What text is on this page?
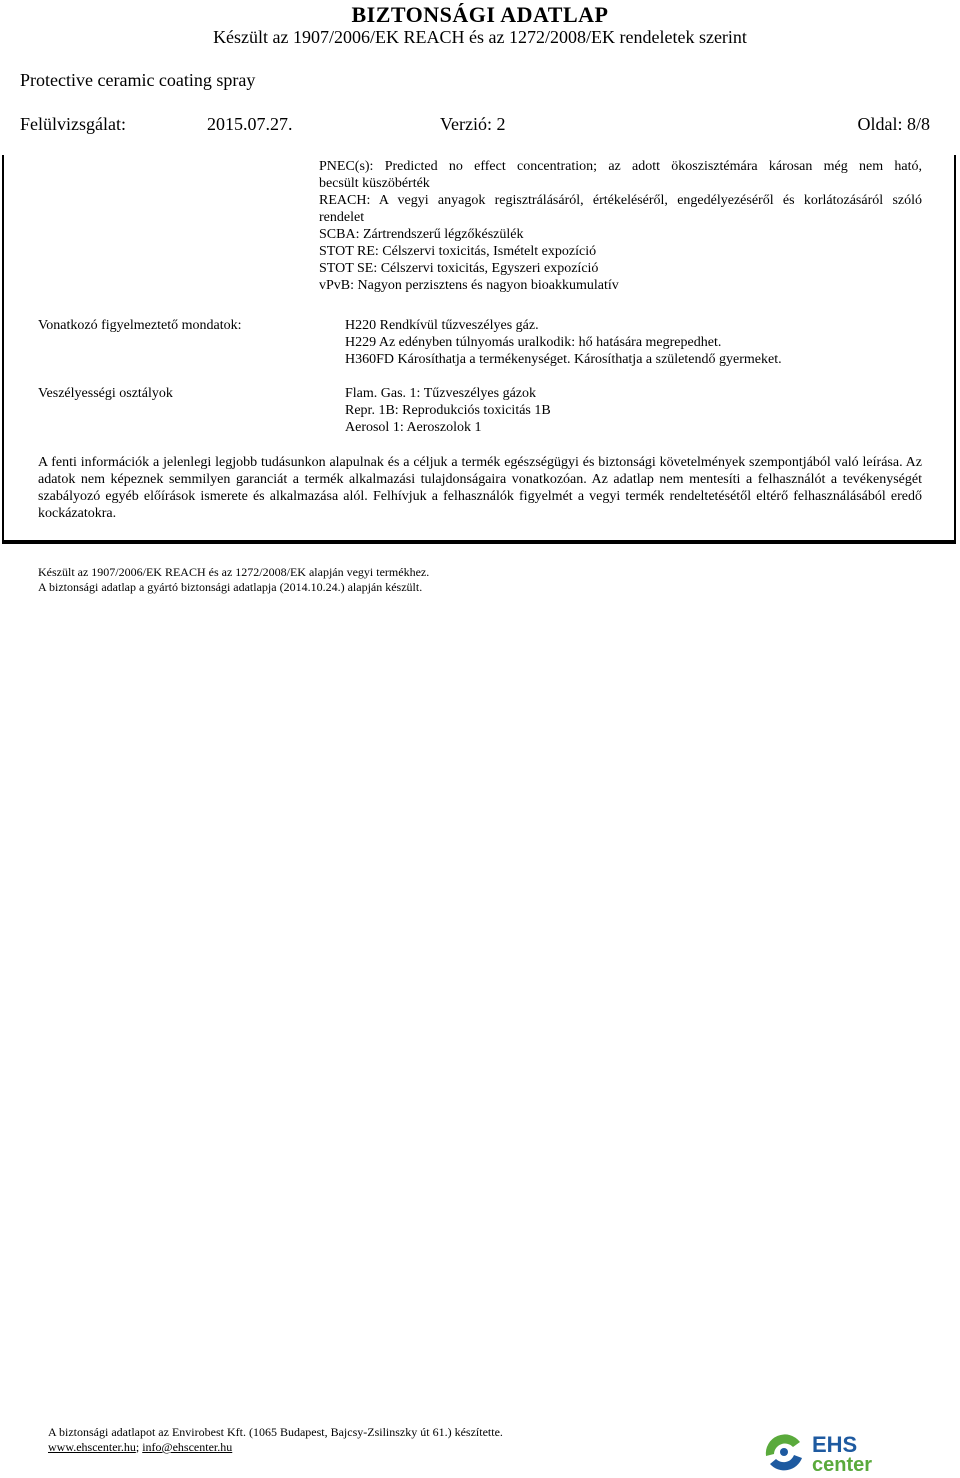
BIZTONSÁGI ADATLAP
Készült az 1907/2006/EK REACH és az 1272/2008/EK rendeletek szerint
Protective ceramic coating spray
Felülvizsgálat:	2015.07.27.	Verzió: 2	Oldal: 8/8
PNEC(s): Predicted no effect concentration; az adott ökoszisztémára károsan még nem ható,
becsült küszöbérték
REACH: A vegyi anyagok regisztrálásáról, értékeléséről, engedélyezéséről és korlátozásáról szóló
rendelet
SCBA: Zártrendszerű légzőkészülék
STOT RE: Célszervi toxicitás, Ismételt expozíció
STOT SE: Célszervi toxicitás, Egyszeri expozíció
vPvB: Nagyon perzisztens és nagyon bioakkumulatív
Vonatkozó figyelmeztető mondatok:	H220 Rendkívül tűzveszélyes gáz.
H229 Az edényben túlnyomás uralkodik: hő hatására megrepedhet.
H360FD Károsíthatja a termékenységet. Károsíthatja a születendő gyermeket.
Veszélyességi osztályok	Flam. Gas. 1: Tűzveszélyes gázok
Repr. 1B: Reprodukciós toxicitás 1B
Aerosol 1: Aeroszolok 1
A fenti információk a jelenlegi legjobb tudásunkon alapulnak és a céljuk a termék egészségügyi és biztonsági követelmények szempontjából való leírása. Az adatok nem képeznek semmilyen garanciát a termék alkalmazási tulajdonságaira vonatkozóan. Az adatlap nem mentesíti a felhasználót a tevékenységét szabályozó egyéb előírások ismerete és alkalmazása alól. Felhívjuk a felhasználók figyelmét a vegyi termék rendeltetésétől eltérő felhasználásából eredő kockázatokra.
Készült az 1907/2006/EK REACH és az 1272/2008/EK alapján vegyi termékhez.
A biztonsági adatlap a gyártó biztonsági adatlapja (2014.10.24.) alapján készült.
A biztonsági adatlapot az Envirobest Kft. (1065 Budapest, Bajcsy-Zsilinszky út 61.) készítette.
www.ehscenter.hu; info@ehscenter.hu	EHS
center
